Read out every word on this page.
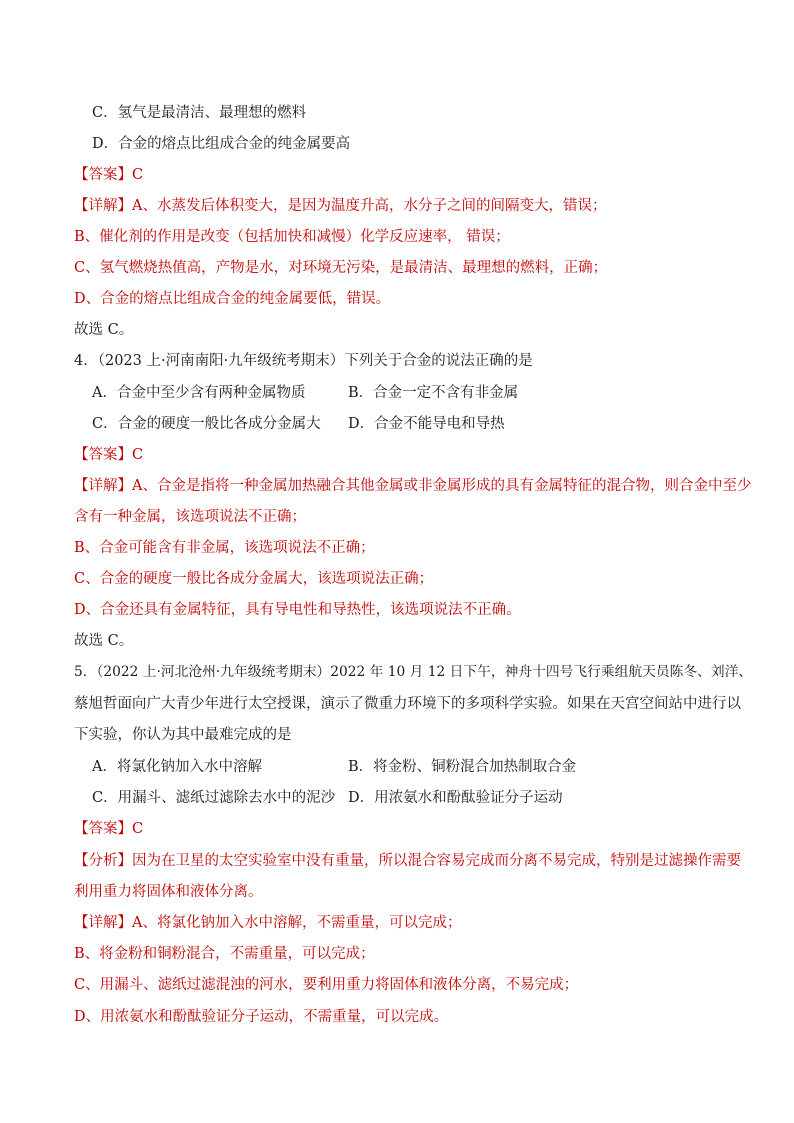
C．氢气是最清洁、最理想的燃料
D．合金的熔点比组成合金的纯金属要高
【答案】C
【详解】A、水蒸发后体积变大，是因为温度升高，水分子之间的间隔变大，错误；
B、催化剂的作用是改变（包括加快和减慢）化学反应速率， 错误；
C、氢气燃烧热值高，产物是水，对环境无污染，是最清洁、最理想的燃料，正确；
D、合金的熔点比组成合金的纯金属要低，错误。
故选 C。
4．（2023 上·河南南阳·九年级统考期末）下列关于合金的说法正确的是
A．合金中至少含有两种金属物质	B．合金一定不含有非金属
C．合金的硬度一般比各成分金属大 D．合金不能导电和导热
【答案】C
【详解】A、合金是指将一种金属加热融合其他金属或非金属形成的具有金属特征的混合物，则合金中至少
含有一种金属，该选项说法不正确；
B、合金可能含有非金属，该选项说法不正确；
C、合金的硬度一般比各成分金属大，该选项说法正确；
D、合金还具有金属特征，具有导电性和导热性，该选项说法不正确。
故选 C。
5．（2022 上·河北沧州·九年级统考期末）2022 年 10 月 12 日下午，神舟十四号飞行乘组航天员陈冬、刘洋、
蔡旭哲面向广大青少年进行太空授课，演示了微重力环境下的多项科学实验。如果在天宫空间站中进行以
下实验，你认为其中最难完成的是
A．将氯化钠加入水中溶解	B．将金粉、铜粉混合加热制取合金
C．用漏斗、滤纸过滤除去水中的泥沙 D．用浓氨水和酚酞验证分子运动
【答案】C
【分析】因为在卫星的太空实验室中没有重量，所以混合容易完成而分离不易完成，特别是过滤操作需要
利用重力将固体和液体分离。
【详解】A、将氯化钠加入水中溶解，不需重量，可以完成；
B、将金粉和铜粉混合，不需重量，可以完成；
C、用漏斗、滤纸过滤混浊的河水，要利用重力将固体和液体分离，不易完成；
D、用浓氨水和酚酞验证分子运动，不需重量，可以完成。
